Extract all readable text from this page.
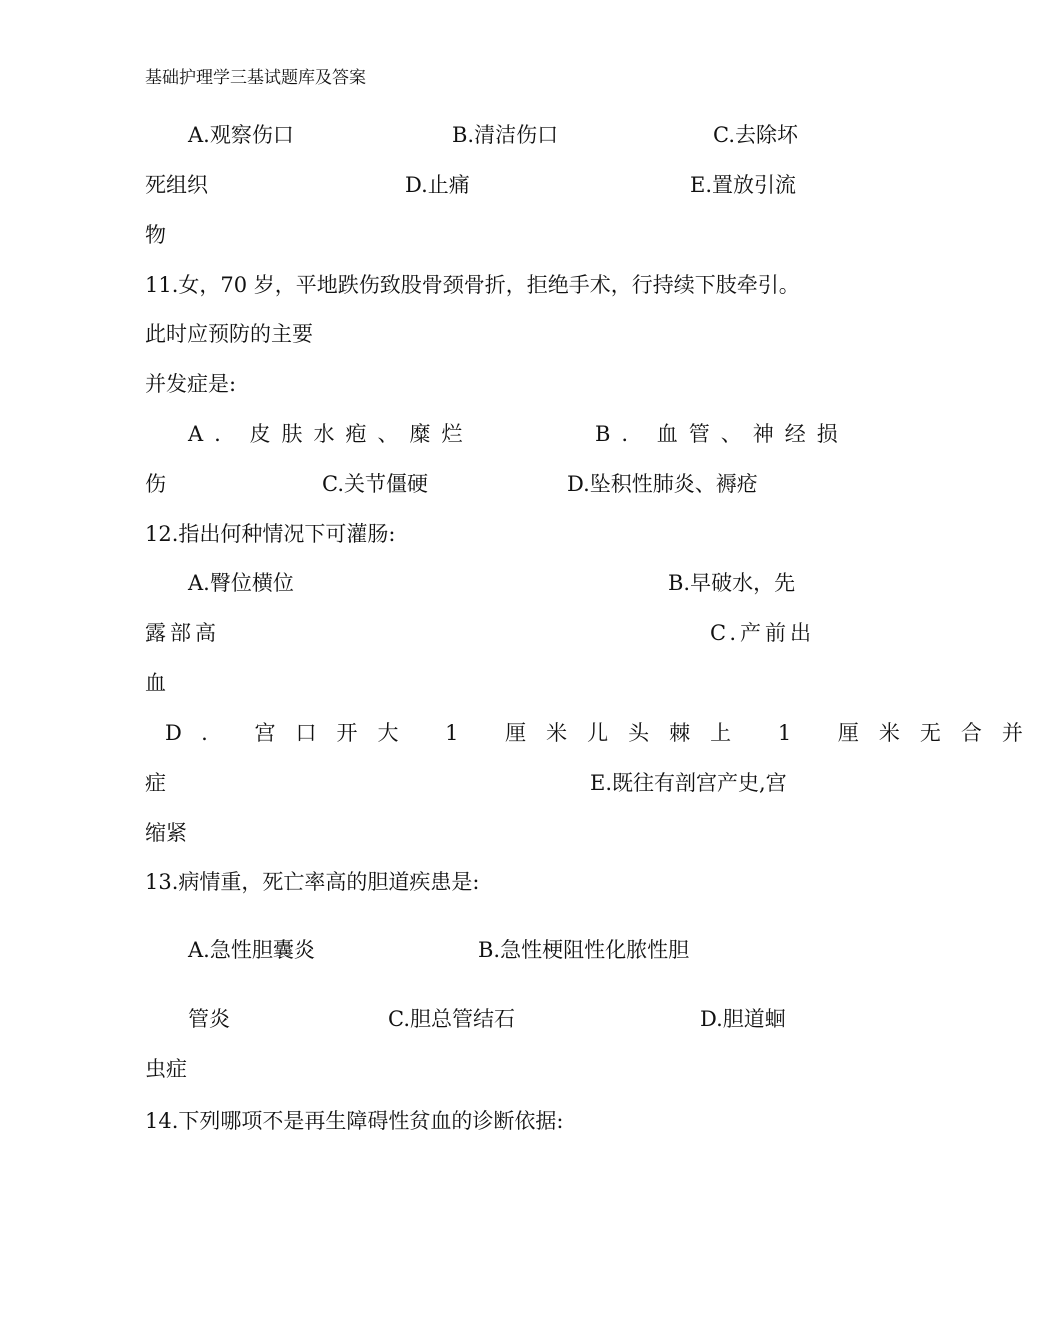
基础护理学三基试题库及答案
A.观察伤口	B.清洁伤口	C.去除坏
死组织	D.止痛	E.置放引流
物
11.女，70 岁，平地跌伤致股骨颈骨折，拒绝手术，行持续下肢牵引。
此时应预防的主要
并发症是:
A. 皮肤水疱、糜烂	B. 血管、神经损
伤	C.关节僵硬	D.坠积性肺炎、褥疮
12.指出何种情况下可灌肠:
A.臀位横位	B.早破水，先
露部高	C.产前出
血
D. 宫口开大 1 厘米儿头棘上 1 厘米无合并
症	E.既往有剖宫产史,宫
缩紧
13.病情重，死亡率高的胆道疾患是:
A.急性胆囊炎	B.急性梗阻性化脓性胆
管炎	C.胆总管结石	D.胆道蛔
虫症
14.下列哪项不是再生障碍性贫血的诊断依据:
